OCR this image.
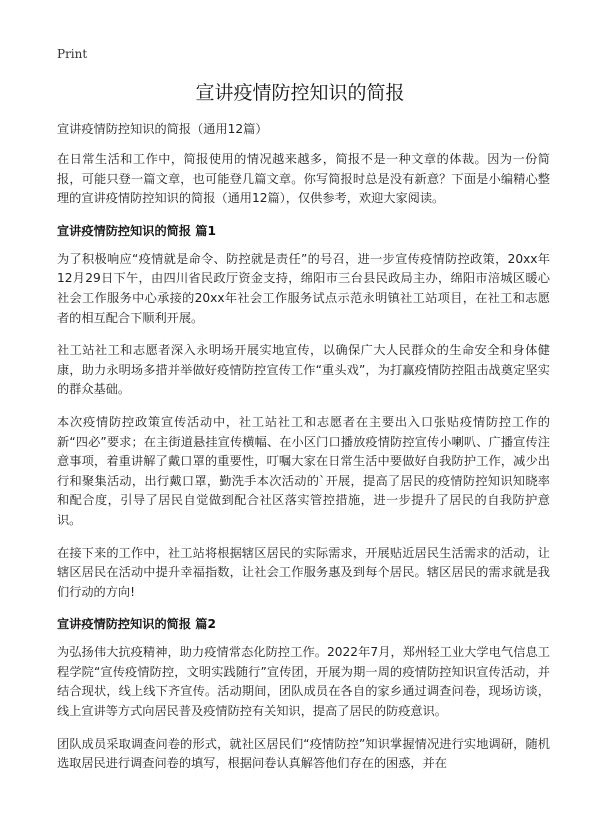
Print
宣讲疫情防控知识的简报
宣讲疫情防控知识的简报（通用12篇）

在日常生活和工作中，简报使用的情况越来越多，简报不是一种文章的体裁。因为一份简报，可能只登一篇文章，也可能登几篇文章。你写简报时总是没有新意？下面是小编精心整理的宣讲疫情防控知识的简报（通用12篇），仅供参考，欢迎大家阅读。

宣讲疫情防控知识的简报 篇1

为了积极响应“疫情就是命令、防控就是责任”的号召，进一步宣传疫情防控政策，20xx年12月29日下午，由四川省民政厅资金支持，绵阳市三台县民政局主办，绵阳市涪城区暖心社会工作服务中心承接的20xx年社会工作服务试点示范永明镇社工站项目，在社工和志愿者的相互配合下顺利开展。

社工站社工和志愿者深入永明场开展实地宣传，以确保广大人民群众的生命安全和身体健康，助力永明场多措并举做好疫情防控宣传工作“重头戏”，为打赢疫情防控阻击战奠定坚实的群众基础。

本次疫情防控政策宣传活动中，社工站社工和志愿者在主要出入口张贴疫情防控工作的新“四必”要求；在主街道悬挂宣传横幅、在小区门口播放疫情防控宣传小喇叭、广播宣传注意事项，着重讲解了戴口罩的重要性，叮嘱大家在日常生活中要做好自我防护工作，减少出行和聚集活动，出行戴口罩，勤洗手本次活动的`开展，提高了居民的疫情防控知识知晓率和配合度，引导了居民自觉做到配合社区落实管控措施，进一步提升了居民的自我防护意识。

在接下来的工作中，社工站将根据辖区居民的实际需求，开展贴近居民生活需求的活动，让辖区居民在活动中提升幸福指数，让社会工作服务惠及到每个居民。辖区居民的需求就是我们行动的方向!

宣讲疫情防控知识的简报 篇2

为弘扬伟大抗疫精神，助力疫情常态化防控工作。2022年7月，郑州轻工业大学电气信息工程学院“宣传疫情防控，文明实践随行”宣传团，开展为期一周的疫情防控知识宣传活动，并结合现状，线上线下齐宣传。活动期间，团队成员在各自的家乡通过调查问卷，现场访谈，线上宣讲等方式向居民普及疫情防控有关知识，提高了居民的防疫意识。

团队成员采取调查问卷的形式，就社区居民们“疫情防控”知识掌握情况进行实地调研，随机选取居民进行调查问卷的填写，根据问卷认真解答他们存在的困惑，并在
